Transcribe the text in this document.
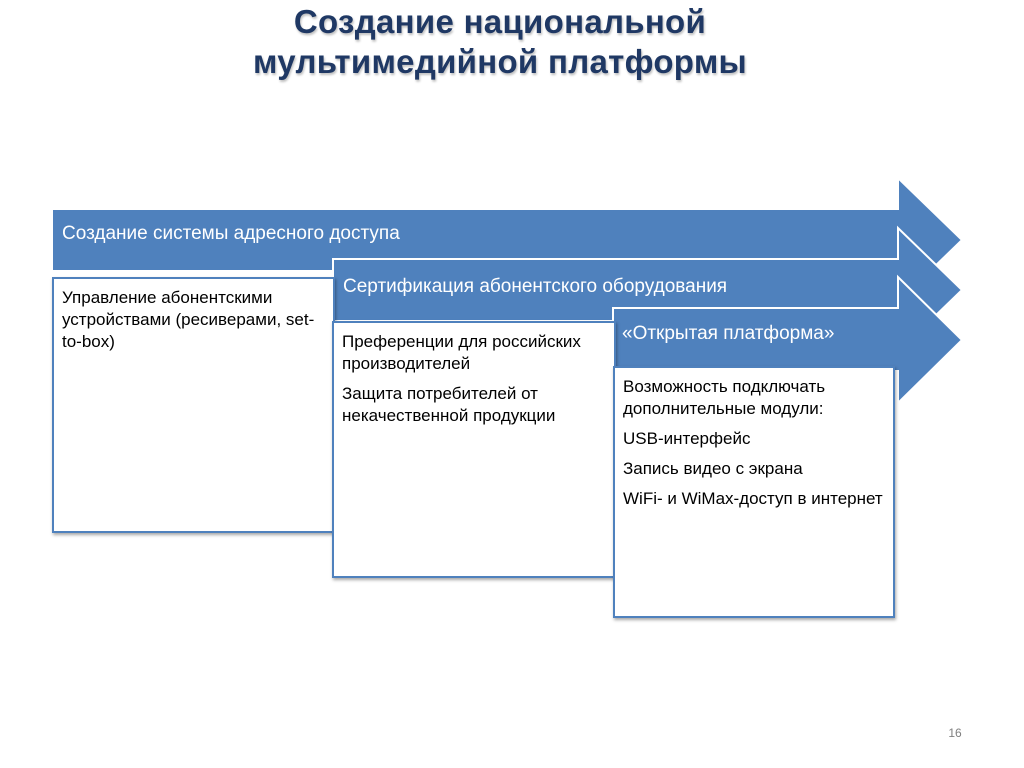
Создание национальной
мультимедийной платформы
Создание системы адресного доступа
Сертификация абонентского оборудования
«Открытая платформа»

Управление абонентскими устройствами (ресиверами, set-to-box)	Преференции для российских производителей

Защита потребителей от некачественной продукции

Возможность подключать дополнительные модули:

USB-интерфейс

Запись видео с экрана

WiFi- и WiMax-доступ в интернет

16
